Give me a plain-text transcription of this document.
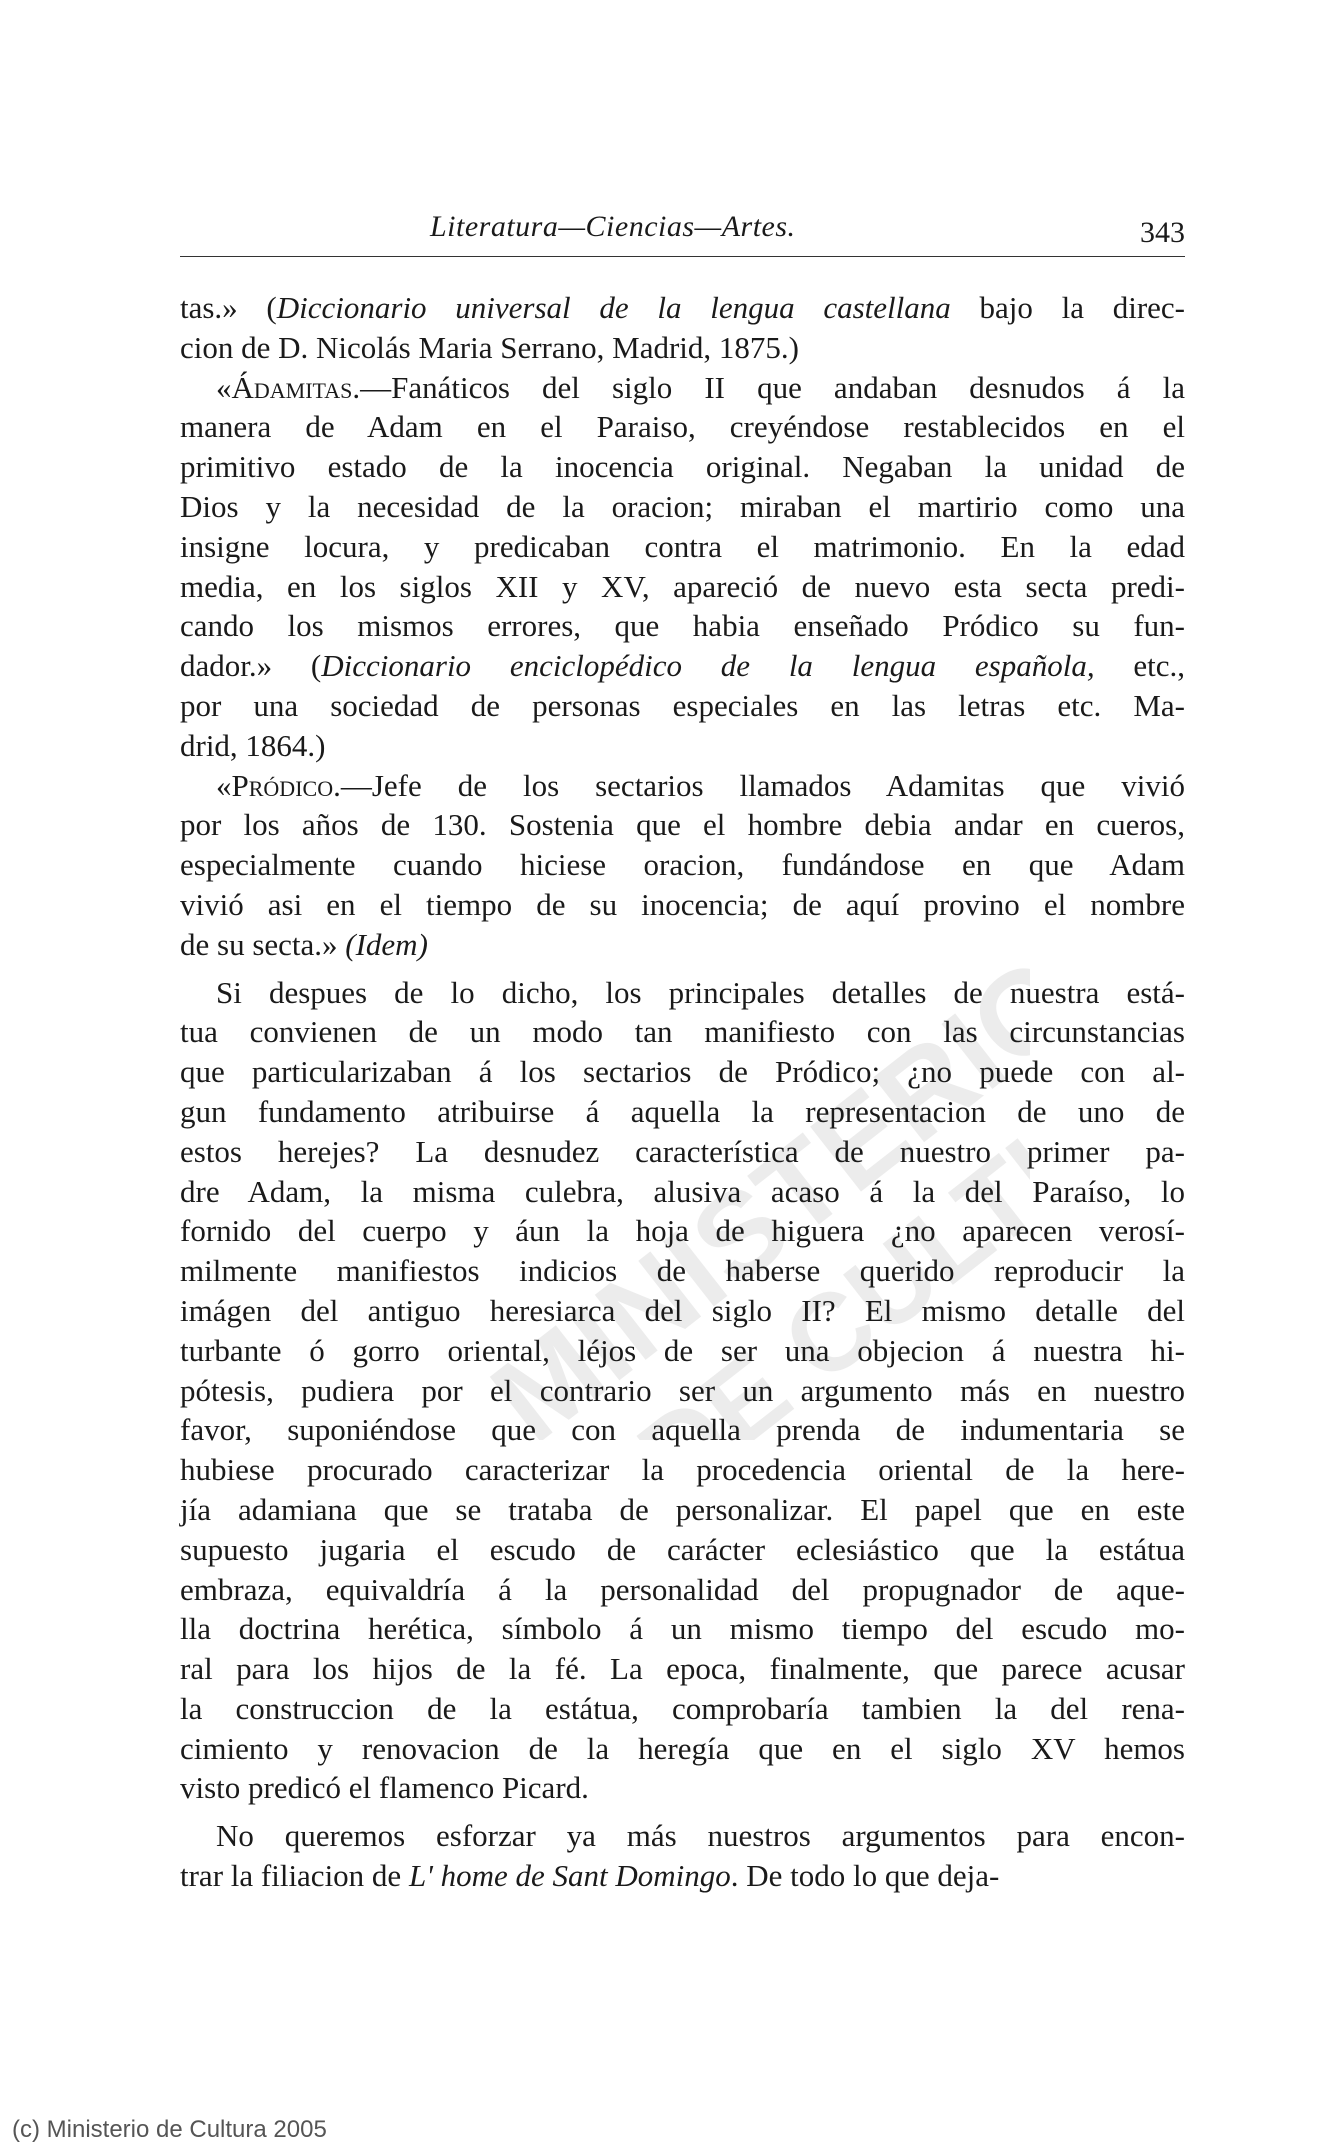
Literatura—Ciencias—Artes.	343
MINISTERIO
DE CULTURA
tas.» (Diccionario universal de la lengua castellana bajo la direc-
cion de D. Nicolás Maria Serrano, Madrid, 1875.)
«Ádamitas.—Fanáticos del siglo II que andaban desnudos á la
manera de Adam en el Paraiso, creyéndose restablecidos en el
primitivo estado de la inocencia original. Negaban la unidad de
Dios y la necesidad de la oracion; miraban el martirio como una
insigne locura, y predicaban contra el matrimonio. En la edad
media, en los siglos XII y XV, apareció de nuevo esta secta predi-
cando los mismos errores, que habia enseñado Pródico su fun-
dador.» (Diccionario enciclopédico de la lengua española, etc.,
por una sociedad de personas especiales en las letras etc. Ma-
drid, 1864.)
«Pródico.—Jefe de los sectarios llamados Adamitas que vivió
por los años de 130. Sostenia que el hombre debia andar en cueros,
especialmente cuando hiciese oracion, fundándose en que Adam
vivió asi en el tiempo de su inocencia; de aquí provino el nombre
de su secta.» (Idem)
Si despues de lo dicho, los principales detalles de nuestra está-
tua convienen de un modo tan manifiesto con las circunstancias
que particularizaban á los sectarios de Pródico; ¿no puede con al-
gun fundamento atribuirse á aquella la representacion de uno de
estos herejes? La desnudez característica de nuestro primer pa-
dre Adam, la misma culebra, alusiva acaso á la del Paraíso, lo
fornido del cuerpo y áun la hoja de higuera ¿no aparecen verosí-
milmente manifiestos indicios de haberse querido reproducir la
imágen del antiguo heresiarca del siglo II? El mismo detalle del
turbante ó gorro oriental, léjos de ser una objecion á nuestra hi-
pótesis, pudiera por el contrario ser un argumento más en nuestro
favor, suponiéndose que con aquella prenda de indumentaria se
hubiese procurado caracterizar la procedencia oriental de la here-
jía adamiana que se trataba de personalizar. El papel que en este
supuesto jugaria el escudo de carácter eclesiástico que la estátua
embraza, equivaldría á la personalidad del propugnador de aque-
lla doctrina herética, símbolo á un mismo tiempo del escudo mo-
ral para los hijos de la fé. La epoca, finalmente, que parece acusar
la construccion de la estátua, comprobaría tambien la del rena-
cimiento y renovacion de la heregía que en el siglo XV hemos
visto predicó el flamenco Picard.
No queremos esforzar ya más nuestros argumentos para encon-
trar la filiacion de L' home de Sant Domingo. De todo lo que deja-
(c) Ministerio de Cultura 2005
